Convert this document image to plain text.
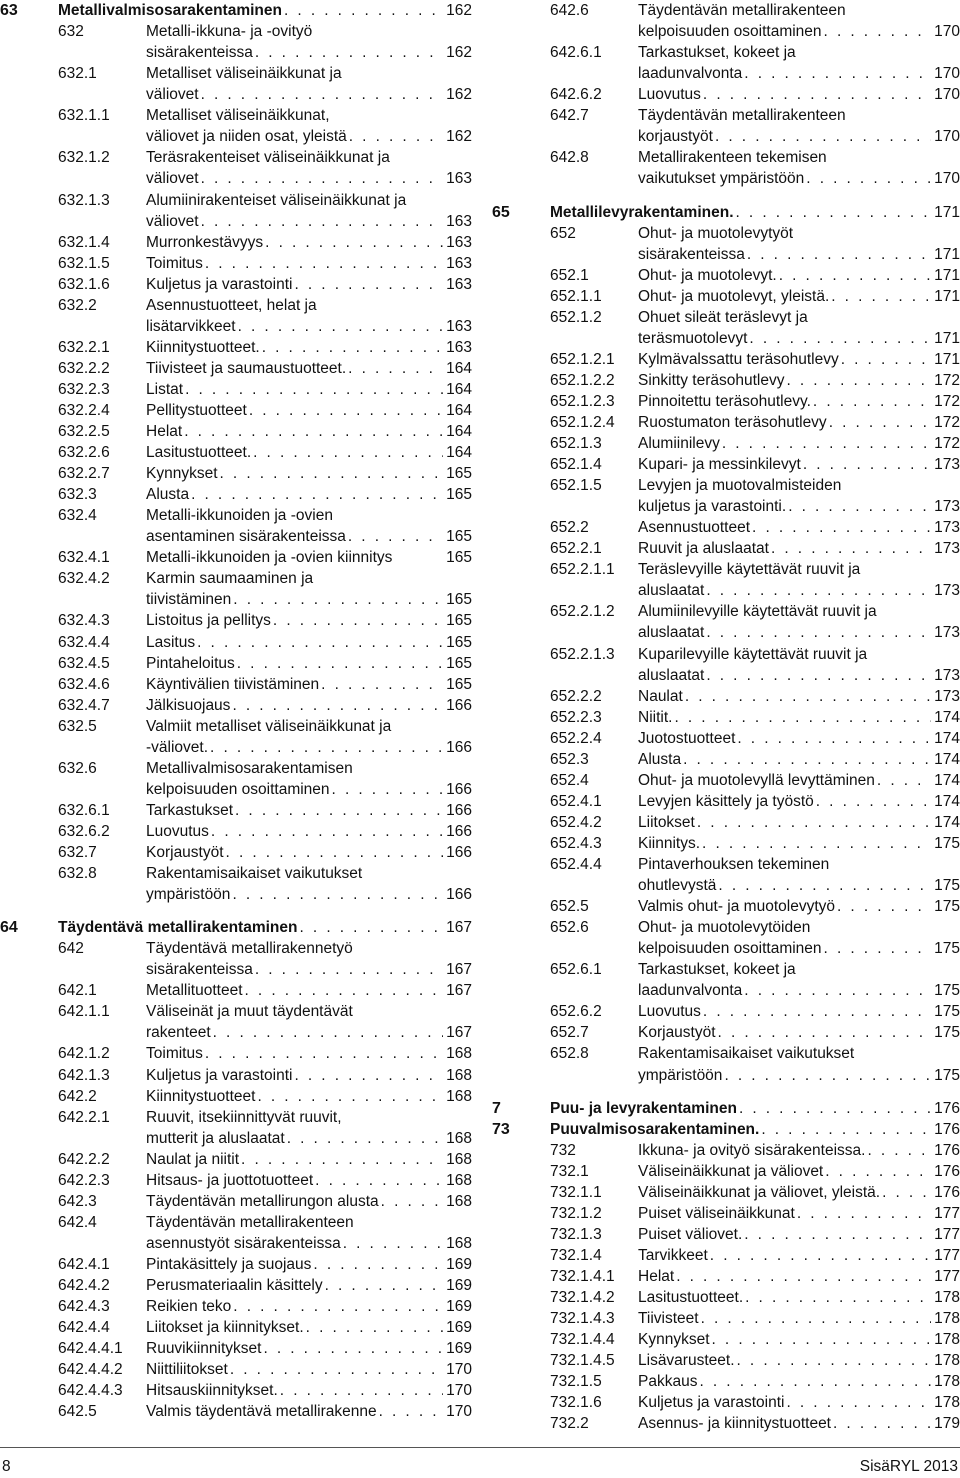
63	Metallivalmisosarakentaminen . . .	162
632	Metalli-ikkuna- ja -ovityö
sisärakenteissa . . .	162
632.1	Metalliset väliseinäikkunat ja
väliovet . . .	162
632.1.1 Metalliset väliseinäikkunat,
väliovet ja niiden osat, yleistä . . .	162
632.1.2 Teräsrakenteiset väliseinäikkunat ja
väliovet . . .	163
632.1.3 Alumiinirakenteiset väliseinäikkunat ja
väliovet . . .	163
632.1.4 Murronkestävyys . . .	163
632.1.5 Toimitus . . .	163
632.1.6 Kuljetus ja varastointi . . .	163
632.2	Asennustuotteet, helat ja
lisätarvikkeet . . .	163
632.2.1 Kiinnitystuotteet. . . .	163
632.2.2 Tiivisteet ja saumaustuotteet. . . .	164
632.2.3 Listat . . .	164
632.2.4 Pellitystuotteet . . .	164
632.2.5 Helat . . .	164
632.2.6 Lasitustuotteet. . . .	164
632.2.7 Kynnykset . . .	165
632.3	Alusta . . .	165
632.4	Metalli-ikkunoiden ja -ovien
asentaminen sisärakenteissa . . .	165
632.4.1 Metalli-ikkunoiden ja -ovien kiinnitys	165
632.4.2 Karmin saumaaminen ja
tiivistäminen . . .	165
632.4.3 Listoitus ja pellitys . . .	165
632.4.4 Lasitus . . .	165
632.4.5 Pintaheloitus . . .	165
632.4.6 Käyntivälien tiivistäminen . . .	165
632.4.7 Jälkisuojaus . . .	166
632.5	Valmiit metalliset väliseinäikkunat ja
-väliovet. . . .	166
632.6	Metallivalmisosarakentamisen
kelpoisuuden osoittaminen . . .	166
632.6.1 Tarkastukset . . .	166
632.6.2 Luovutus . . .	166
632.7	Korjaustyöt . . .	166
632.8	Rakentamisaikaiset vaikutukset
ympäristöön . . .	166
64	Täydentävä metallirakentaminen . . .	167
642	Täydentävä metallirakennetyö
sisärakenteissa . . .	167
642.1	Metallituotteet . . .	167
642.1.1 Väliseinät ja muut täydentävät
rakenteet . . .	167
642.1.2 Toimitus . . .	168
642.1.3 Kuljetus ja varastointi . . .	168
642.2	Kiinnitystuotteet . . .	168
642.2.1 Ruuvit, itsekiinnittyvät ruuvit,
mutterit ja aluslaatat . . .	168
642.2.2 Naulat ja niitit . . .	168
642.2.3 Hitsaus- ja juottotuotteet . . .	168
642.3	Täydentävän metallirungon alusta . . .	168
642.4	Täydentävän metallirakenteen
asennustyöt sisärakenteissa . . .	168
642.4.1 Pintakäsittely ja suojaus . . .	169
642.4.2 Perusmateriaalin käsittely . . .	169
642.4.3 Reikien teko . . .	169
642.4.4 Liitokset ja kiinnitykset. . . .	169
642.4.4.1 Ruuvikiinnitykset . . .	169
642.4.4.2 Niittiliitokset . . .	170
642.4.4.3 Hitsauskiinnitykset. . . .	170
642.5	Valmis täydentävä metallirakenne . . .	170
642.6	Täydentävän metallirakenteen
kelpoisuuden osoittaminen . . .	170
642.6.1 Tarkastukset, kokeet ja
laadunvalvonta . . .	170
642.6.2 Luovutus . . .	170
642.7	Täydentävän metallirakenteen
korjaustyöt . . .	170
642.8	Metallirakenteen tekemisen
vaikutukset ympäristöön . . .	170
65	Metallilevyrakentaminen. . . .	171
652	Ohut- ja muotolevytyöt
sisärakenteissa . . .	171
652.1	Ohut- ja muotolevyt. . . .	171
652.1.1 Ohut- ja muotolevyt, yleistä. . . .	171
652.1.2 Ohuet sileät teräslevyt ja
teräsmuotolevyt . . .	171
652.1.2.1 Kylmävalssattu teräsohutlevy . . .	171
652.1.2.2 Sinkitty teräsohutlevy . . .	172
652.1.2.3 Pinnoitettu teräsohutlevy. . . .	172
652.1.2.4 Ruostumaton teräsohutlevy . . .	172
652.1.3 Alumiinilevy . . .	172
652.1.4 Kupari- ja messinkilevyt . . .	173
652.1.5 Levyjen ja muotovalmisteiden
kuljetus ja varastointi. . . .	173
652.2	Asennustuotteet . . .	173
652.2.1 Ruuvit ja aluslaatat . . .	173
652.2.1.1 Teräslevyille käytettävät ruuvit ja
aluslaatat . . .	173
652.2.1.2 Alumiinilevyille käytettävät ruuvit ja
aluslaatat . . .	173
652.2.1.3 Kuparilevyille käytettävät ruuvit ja
aluslaatat . . .	173
652.2.2 Naulat . . .	173
652.2.3 Niitit. . . .	174
652.2.4 Juotostuotteet . . .	174
652.3	Alusta . . .	174
652.4	Ohut- ja muotolevyllä levyttäminen . . .	174
652.4.1 Levyjen käsittely ja työstö . . .	174
652.4.2 Liitokset . . .	174
652.4.3 Kiinnitys. . . .	175
652.4.4 Pintaverhouksen tekeminen
ohutlevystä . . .	175
652.5	Valmis ohut- ja muotolevytyö . . .	175
652.6	Ohut- ja muotolevytöiden
kelpoisuuden osoittaminen . . .	175
652.6.1 Tarkastukset, kokeet ja
laadunvalvonta . . .	175
652.6.2 Luovutus . . .	175
652.7	Korjaustyöt . . .	175
652.8	Rakentamisaikaiset vaikutukset
ympäristöön . . .	175
7	Puu- ja levyrakentaminen . . .	176
73	Puuvalmisosarakentaminen. . . .	176
732	Ikkuna- ja ovityö sisärakenteissa. . . .	176
732.1	Väliseinäikkunat ja väliovet . . .	176
732.1.1 Väliseinäikkunat ja väliovet, yleistä. . . .	176
732.1.2 Puiset väliseinäikkunat . . .	177
732.1.3 Puiset väliovet. . . .	177
732.1.4 Tarvikkeet . . .	177
732.1.4.1 Helat . . .	177
732.1.4.2 Lasitustuotteet. . . .	178
732.1.4.3 Tiivisteet . . .	178
732.1.4.4 Kynnykset . . .	178
732.1.4.5 Lisävarusteet. . . .	178
732.1.5 Pakkaus . . .	178
732.1.6 Kuljetus ja varastointi . . .	178
732.2	Asennus- ja kiinnitystuotteet . . .	179
8	SisäRYL 2013
